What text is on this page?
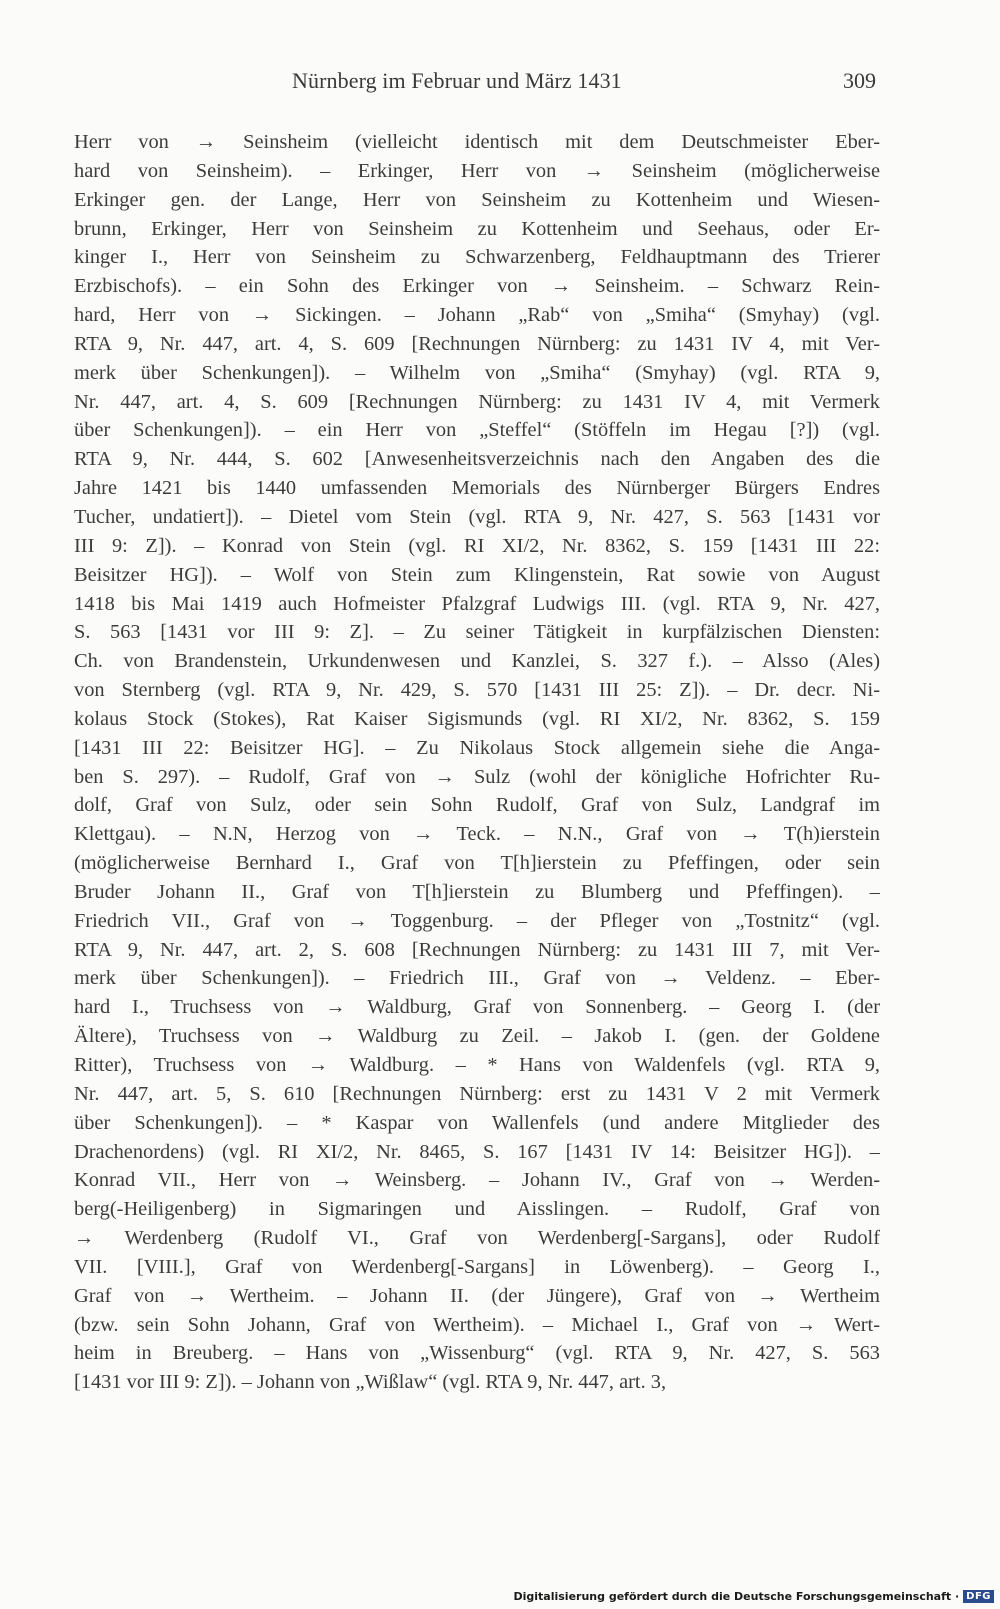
Nürnberg im Februar und März 1431	309
Herr von → Seinsheim (vielleicht identisch mit dem Deutschmeister Eber-
hard von Seinsheim). – Erkinger, Herr von → Seinsheim (möglicherweise
Erkinger gen. der Lange, Herr von Seinsheim zu Kottenheim und Wiesen-
brunn, Erkinger, Herr von Seinsheim zu Kottenheim und Seehaus, oder Er-
kinger I., Herr von Seinsheim zu Schwarzenberg, Feldhauptmann des Trierer
Erzbischofs). – ein Sohn des Erkinger von → Seinsheim. – Schwarz Rein-
hard, Herr von → Sickingen. – Johann „Rab“ von „Smiha“ (Smyhay) (vgl.
RTA 9, Nr. 447, art. 4, S. 609 [Rechnungen Nürnberg: zu 1431 IV 4, mit Ver-
merk über Schenkungen]). – Wilhelm von „Smiha“ (Smyhay) (vgl. RTA 9,
Nr. 447, art. 4, S. 609 [Rechnungen Nürnberg: zu 1431 IV 4, mit Vermerk
über Schenkungen]). – ein Herr von „Steffel“ (Stöffeln im Hegau [?]) (vgl.
RTA 9, Nr. 444, S. 602 [Anwesenheitsverzeichnis nach den Angaben des die
Jahre 1421 bis 1440 umfassenden Memorials des Nürnberger Bürgers Endres
Tucher, undatiert]). – Dietel vom Stein (vgl. RTA 9, Nr. 427, S. 563 [1431 vor
III 9: Z]). – Konrad von Stein (vgl. RI XI/2, Nr. 8362, S. 159 [1431 III 22:
Beisitzer HG]). – Wolf von Stein zum Klingenstein, Rat sowie von August
1418 bis Mai 1419 auch Hofmeister Pfalzgraf Ludwigs III. (vgl. RTA 9, Nr. 427,
S. 563 [1431 vor III 9: Z]. – Zu seiner Tätigkeit in kurpfälzischen Diensten:
Ch. von Brandenstein, Urkundenwesen und Kanzlei, S. 327 f.). – Alsso (Ales)
von Sternberg (vgl. RTA 9, Nr. 429, S. 570 [1431 III 25: Z]). – Dr. decr. Ni-
kolaus Stock (Stokes), Rat Kaiser Sigismunds (vgl. RI XI/2, Nr. 8362, S. 159
[1431 III 22: Beisitzer HG]. – Zu Nikolaus Stock allgemein siehe die Anga-
ben S. 297). – Rudolf, Graf von → Sulz (wohl der königliche Hofrichter Ru-
dolf, Graf von Sulz, oder sein Sohn Rudolf, Graf von Sulz, Landgraf im
Klettgau). – N.N, Herzog von → Teck. – N.N., Graf von → T(h)ierstein
(möglicherweise Bernhard I., Graf von T[h]ierstein zu Pfeffingen, oder sein
Bruder Johann II., Graf von T[h]ierstein zu Blumberg und Pfeffingen). –
Friedrich VII., Graf von → Toggenburg. – der Pfleger von „Tostnitz“ (vgl.
RTA 9, Nr. 447, art. 2, S. 608 [Rechnungen Nürnberg: zu 1431 III 7, mit Ver-
merk über Schenkungen]). – Friedrich III., Graf von → Veldenz. – Eber-
hard I., Truchsess von → Waldburg, Graf von Sonnenberg. – Georg I. (der
Ältere), Truchsess von → Waldburg zu Zeil. – Jakob I. (gen. der Goldene
Ritter), Truchsess von → Waldburg. – * Hans von Waldenfels (vgl. RTA 9,
Nr. 447, art. 5, S. 610 [Rechnungen Nürnberg: erst zu 1431 V 2 mit Vermerk
über Schenkungen]). – * Kaspar von Wallenfels (und andere Mitglieder des
Drachenordens) (vgl. RI XI/2, Nr. 8465, S. 167 [1431 IV 14: Beisitzer HG]). –
Konrad VII., Herr von → Weinsberg. – Johann IV., Graf von → Werden-
berg(-Heiligenberg) in Sigmaringen und Aisslingen. – Rudolf, Graf von
→ Werdenberg (Rudolf VI., Graf von Werdenberg[-Sargans], oder Rudolf
VII. [VIII.], Graf von Werdenberg[-Sargans] in Löwenberg). – Georg I.,
Graf von → Wertheim. – Johann II. (der Jüngere), Graf von → Wertheim
(bzw. sein Sohn Johann, Graf von Wertheim). – Michael I., Graf von → Wert-
heim in Breuberg. – Hans von „Wissenburg“ (vgl. RTA 9, Nr. 427, S. 563
[1431 vor III 9: Z]). – Johann von „Wißlaw“ (vgl. RTA 9, Nr. 447, art. 3,
Digitalisierung gefördert durch die Deutsche Forschungsgemeinschaft · DFG
